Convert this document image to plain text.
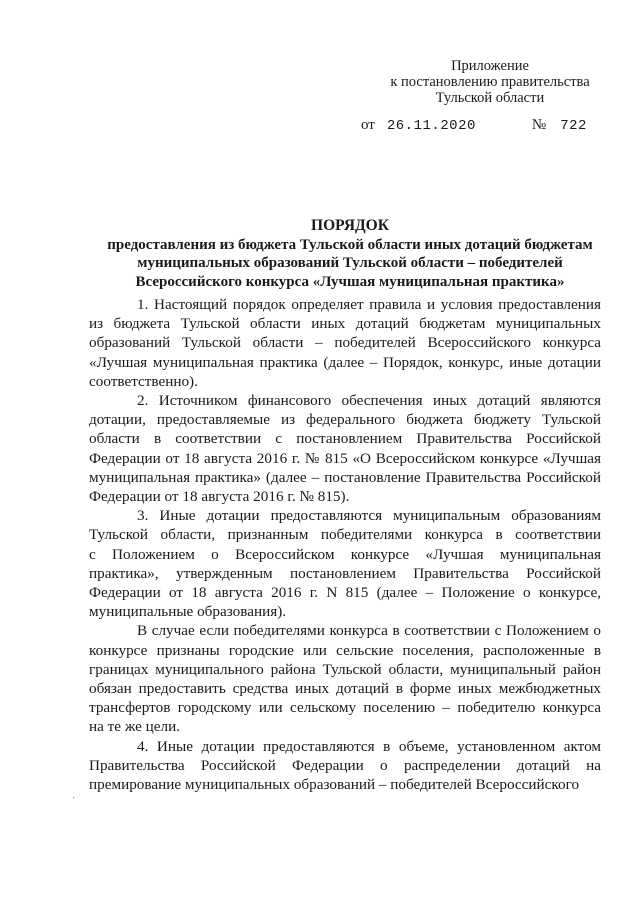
Приложение
к постановлению правительства
Тульской области
от 26.11.2020	№ 722
ПОРЯДОК
предоставления из бюджета Тульской области иных дотаций бюджетам
муниципальных образований Тульской области – победителей
Всероссийского конкурса «Лучшая муниципальная практика»
1. Настоящий порядок определяет правила и условия предоставления
из бюджета Тульской области иных дотаций бюджетам муниципальных
образований Тульской области – победителей Всероссийского конкурса
«Лучшая муниципальная практика (далее – Порядок, конкурс, иные дотации
соответственно).
2. Источником финансового обеспечения иных дотаций являются
дотации, предоставляемые из федерального бюджета бюджету Тульской
области в соответствии с постановлением Правительства Российской
Федерации от 18 августа 2016 г. № 815 «О Всероссийском конкурсе «Лучшая
муниципальная практика» (далее – постановление Правительства Российской
Федерации от 18 августа 2016 г. № 815).
3. Иные дотации предоставляются муниципальным образованиям
Тульской области, признанным победителями конкурса в соответствии
с Положением о Всероссийском конкурсе «Лучшая муниципальная
практика», утвержденным постановлением Правительства Российской
Федерации от 18 августа 2016 г. N 815 (далее – Положение о конкурсе,
муниципальные образования).
В случае если победителями конкурса в соответствии с Положением о
конкурсе признаны городские или сельские поселения, расположенные в
границах муниципального района Тульской области, муниципальный район
обязан предоставить средства иных дотаций в форме иных межбюджетных
трансфертов городскому или сельскому поселению – победителю конкурса
на те же цели.
4. Иные дотации предоставляются в объеме, установленном актом
Правительства Российской Федерации о распределении дотаций на
премирование муниципальных образований – победителей Всероссийского
·
